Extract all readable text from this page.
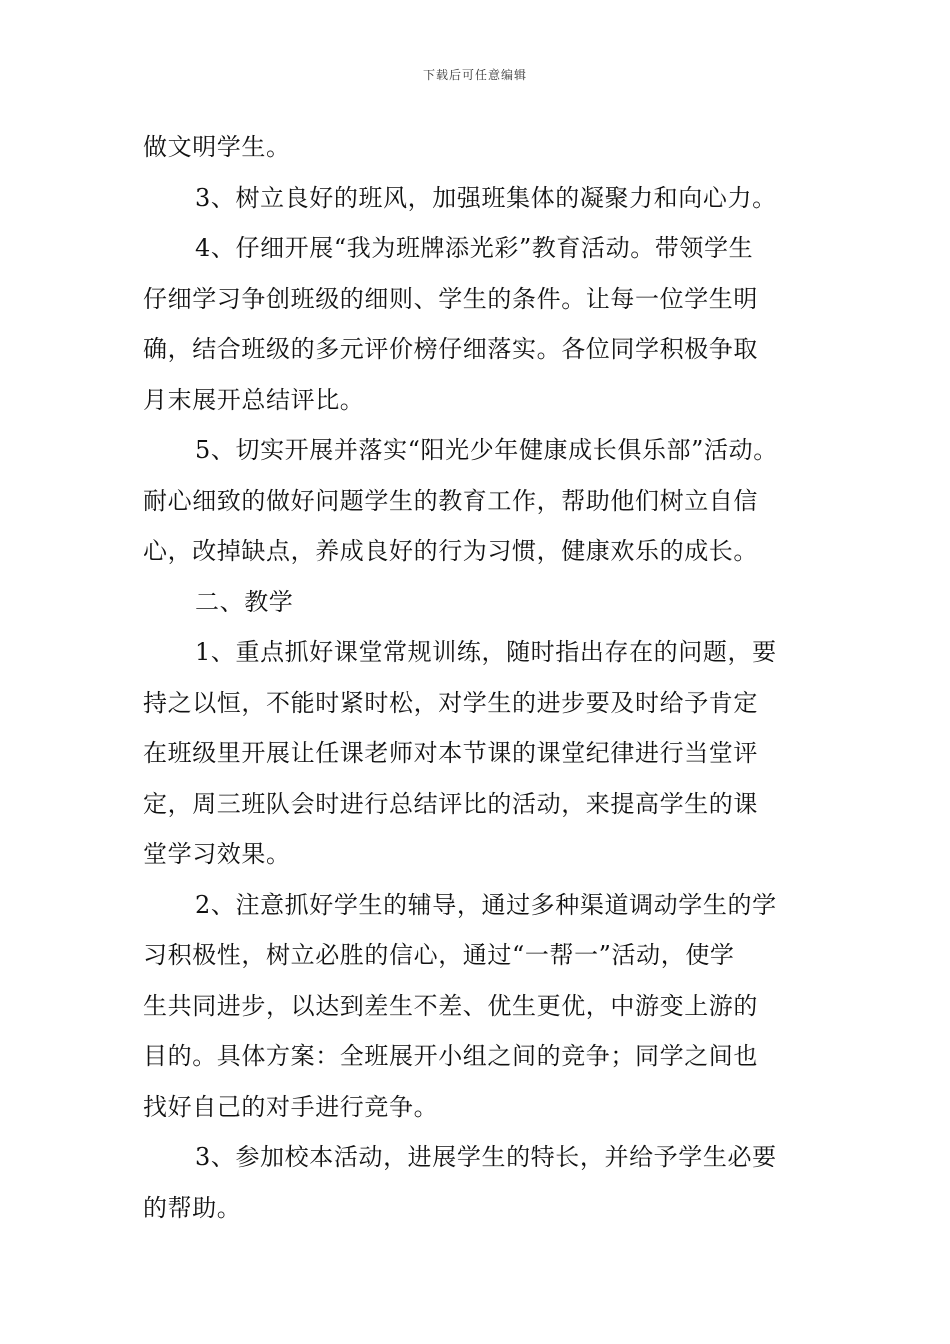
下载后可任意编辑
做文明学生。
3、树立良好的班风，加强班集体的凝聚力和向心力。
4、仔细开展“我为班牌添光彩”教育活动。带领学生
仔细学习争创班级的细则、学生的条件。让每一位学生明
确，结合班级的多元评价榜仔细落实。各位同学积极争取
月末展开总结评比。
5、切实开展并落实“阳光少年健康成长俱乐部”活动。
耐心细致的做好问题学生的教育工作，帮助他们树立自信
心，改掉缺点，养成良好的行为习惯，健康欢乐的成长。
二、教学
1、重点抓好课堂常规训练，随时指出存在的问题，要
持之以恒，不能时紧时松，对学生的进步要及时给予肯定
在班级里开展让任课老师对本节课的课堂纪律进行当堂评
定，周三班队会时进行总结评比的活动，来提高学生的课
堂学习效果。
2、注意抓好学生的辅导，通过多种渠道调动学生的学
习积极性，树立必胜的信心，通过“一帮一”活动，使学
生共同进步，以达到差生不差、优生更优，中游变上游的
目的。具体方案：全班展开小组之间的竞争；同学之间也
找好自己的对手进行竞争。
3、参加校本活动，进展学生的特长，并给予学生必要
的帮助。
